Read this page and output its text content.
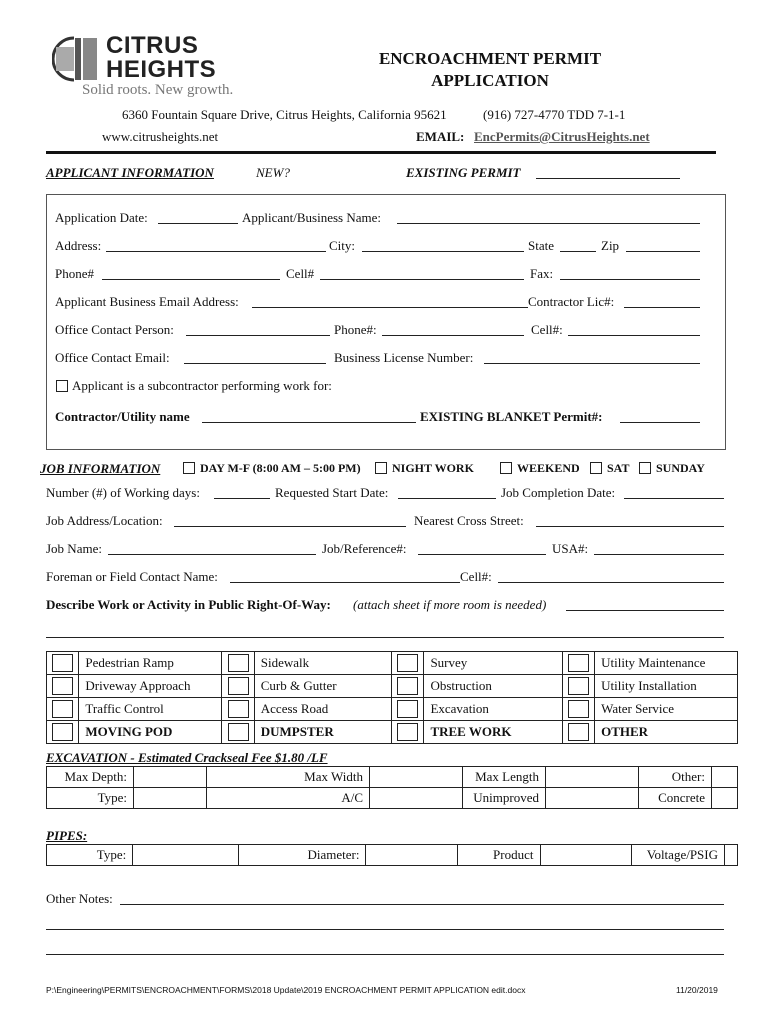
CITRUS
HEIGHTS
Solid roots. New growth.
ENCROACHMENT PERMIT
APPLICATION
6360 Fountain Square Drive, Citrus Heights, California 95621	(916) 727-4770 TDD 7-1-1
www.citrusheights.net	EMAIL: EncPermits@CitrusHeights.net
APPLICANT INFORMATION	NEW?	EXISTING PERMIT
Application Date:	Applicant/Business Name:
Address:	City:	State	Zip
Phone#	Cell#	Fax:
Applicant Business Email Address:	Contractor Lic#:
Office Contact Person:	Phone#:	Cell#:
Office Contact Email:	Business License Number:
Applicant is a subcontractor performing work for:
Contractor/Utility name	EXISTING BLANKET Permit#:
JOB INFORMATION	DAY M-F (8:00 AM – 5:00 PM)	NIGHT WORK	WEEKEND SAT SUNDAY
Number (#) of Working days:	Requested Start Date:	Job Completion Date:
Job Address/Location:	Nearest Cross Street:
Job Name:	Job/Reference#:	USA#:
Foreman or Field Contact Name:	Cell#:
Describe Work or Activity in Public Right-Of-Way: (attach sheet if more room is needed)
	Pedestrian Ramp		Sidewalk		Survey		Utility Maintenance

	Driveway Approach		Curb & Gutter		Obstruction		Utility Installation

	Traffic Control		Access Road		Excavation		Water Service

	MOVING POD		DUMPSTER		TREE WORK		OTHER
EXCAVATION - Estimated Crackseal Fee $1.80 /LF
Max Depth:		Max Width		Max Length		Other:	
Type:		A/C		Unimproved		Concrete	
PIPES:
Type:		Diameter:		Product		Voltage/PSIG	
Other Notes:
P:\Engineering\PERMITS\ENCROACHMENT\FORMS\2018 Update\2019 ENCROACHMENT PERMIT APPLICATION edit.docx	11/20/2019
